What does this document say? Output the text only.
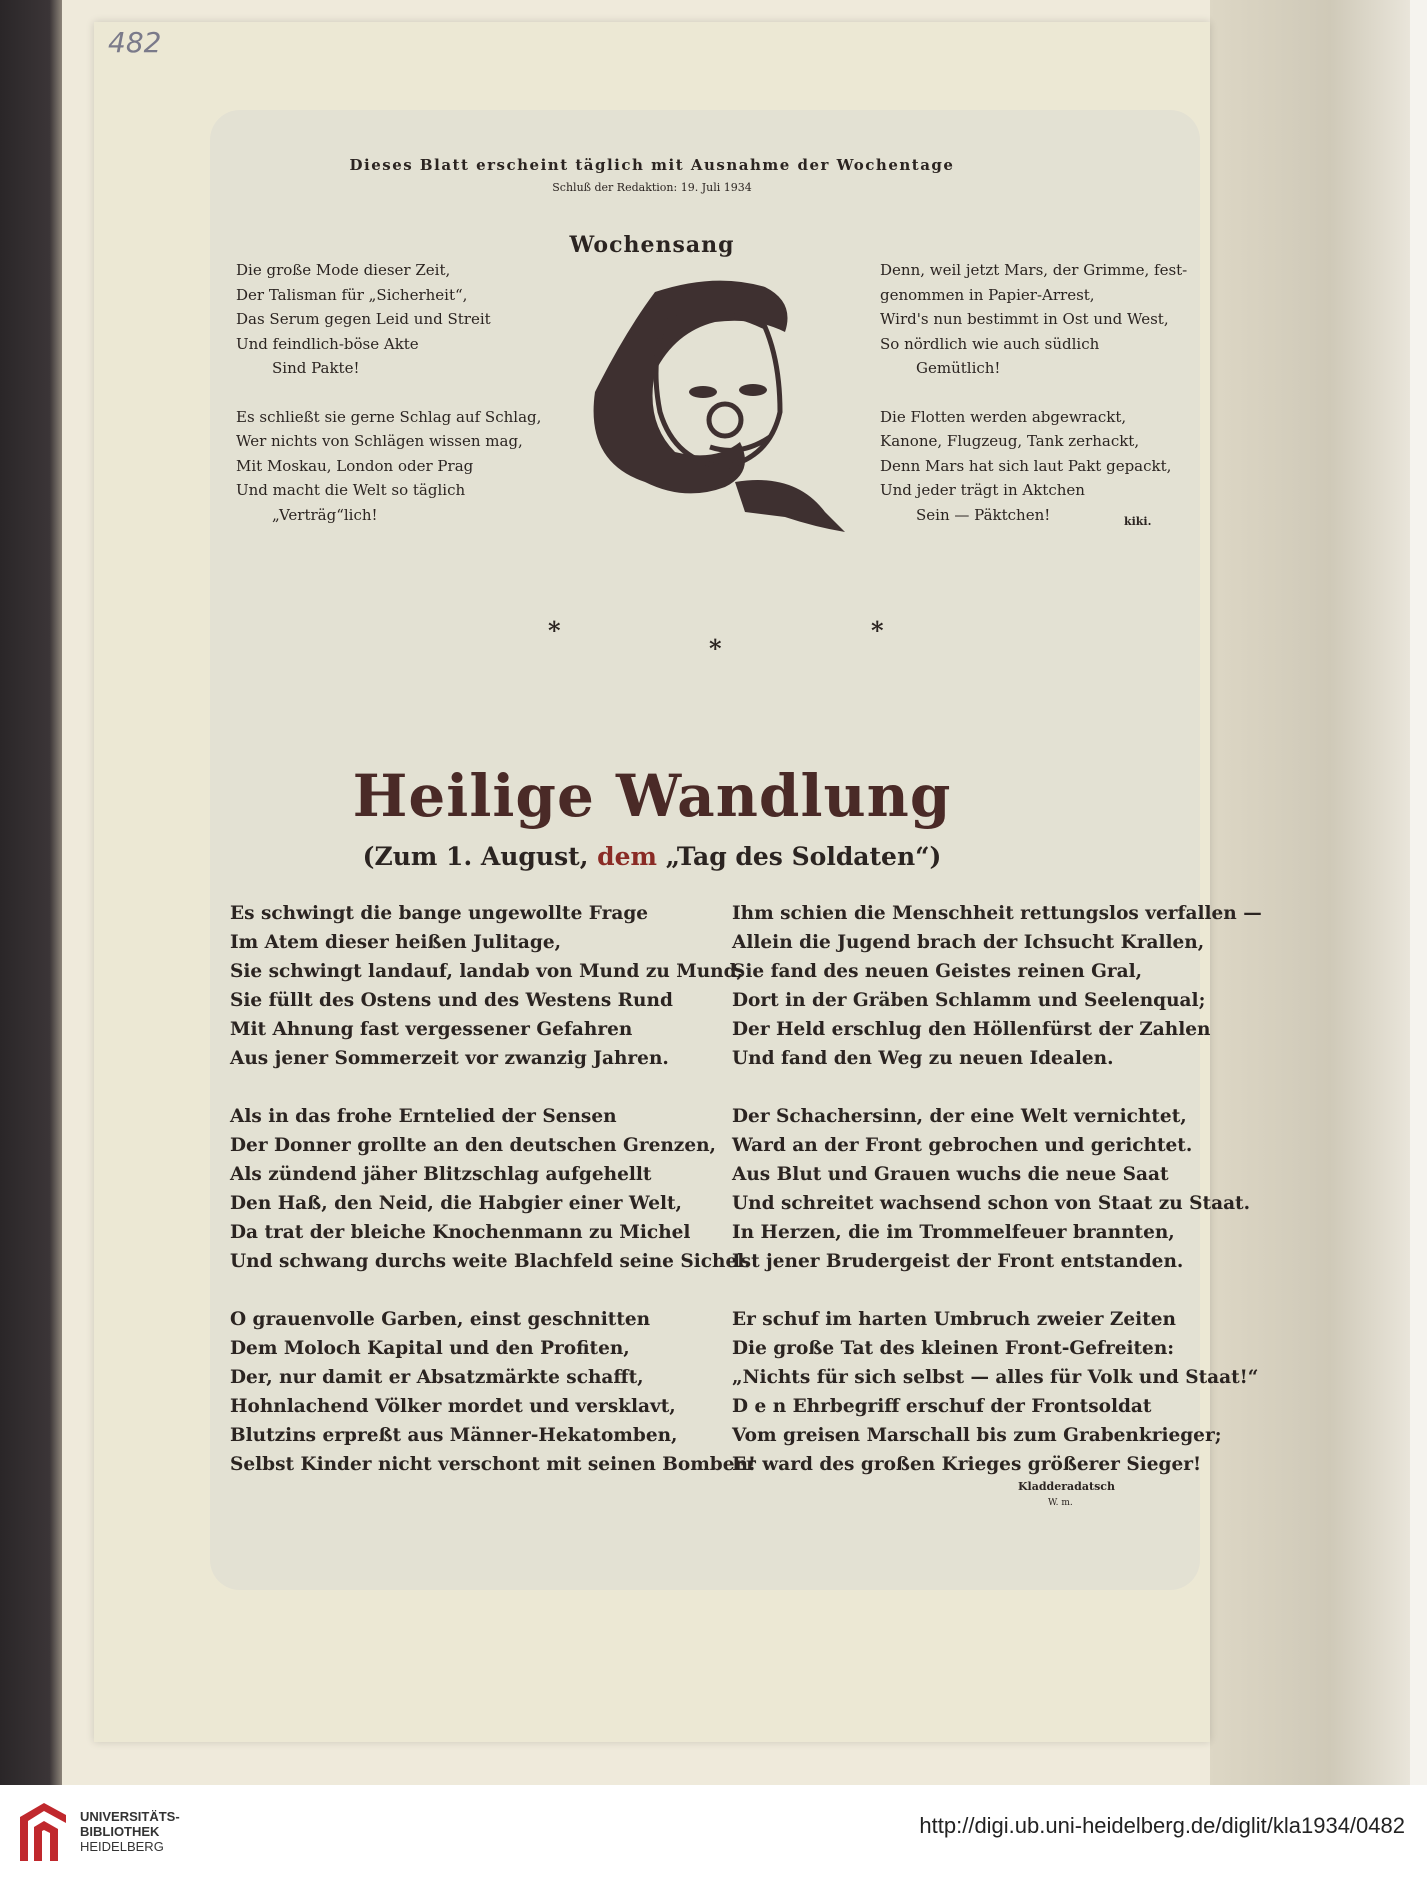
482
Dieses Blatt erscheint täglich mit Ausnahme der Wochentage
Schluß der Redaktion: 19. Juli 1934
Wochensang
Die große Mode dieser Zeit,
Der Talisman für „Sicherheit“,
Das Serum gegen Leid und Streit
Und feindlich-böse Akte
Sind Pakte!
Es schließt sie gerne Schlag auf Schlag,
Wer nichts von Schlägen wissen mag,
Mit Moskau, London oder Prag
Und macht die Welt so täglich
„Verträg“lich!
Denn, weil jetzt Mars, der Grimme, fest-
genommen in Papier-Arrest,
Wird's nun bestimmt in Ost und West,
So nördlich wie auch südlich
Gemütlich!
Die Flotten werden abgewrackt,
Kanone, Flugzeug, Tank zerhackt,
Denn Mars hat sich laut Pakt gepackt,
Und jeder trägt in Aktchen
Sein — Päktchen!	kiki.
*
*
*
Heilige Wandlung
(Zum 1. August, dem „Tag des Soldaten“)
Es schwingt die bange ungewollte Frage
Im Atem dieser heißen Julitage,
Sie schwingt landauf, landab von Mund zu Mund,
Sie füllt des Ostens und des Westens Rund
Mit Ahnung fast vergessener Gefahren
Aus jener Sommerzeit vor zwanzig Jahren.
Als in das frohe Erntelied der Sensen
Der Donner grollte an den deutschen Grenzen,
Als zündend jäher Blitzschlag aufgehellt
Den Haß, den Neid, die Habgier einer Welt,
Da trat der bleiche Knochenmann zu Michel
Und schwang durchs weite Blachfeld seine Sichel.
O grauenvolle Garben, einst geschnitten
Dem Moloch Kapital und den Profiten,
Der, nur damit er Absatzmärkte schafft,
Hohnlachend Völker mordet und versklavt,
Blutzins erpreßt aus Männer-Hekatomben,
Selbst Kinder nicht verschont mit seinen Bomben!
Ihm schien die Menschheit rettungslos verfallen —
Allein die Jugend brach der Ichsucht Krallen,
Sie fand des neuen Geistes reinen Gral,
Dort in der Gräben Schlamm und Seelenqual;
Der Held erschlug den Höllenfürst der Zahlen
Und fand den Weg zu neuen Idealen.
Der Schachersinn, der eine Welt vernichtet,
Ward an der Front gebrochen und gerichtet.
Aus Blut und Grauen wuchs die neue Saat
Und schreitet wachsend schon von Staat zu Staat.
In Herzen, die im Trommelfeuer brannten,
Ist jener Brudergeist der Front entstanden.
Er schuf im harten Umbruch zweier Zeiten
Die große Tat des kleinen Front-Gefreiten:
„Nichts für sich selbst — alles für Volk und Staat!“
D e n Ehrbegriff erschuf der Frontsoldat
Vom greisen Marschall bis zum Grabenkrieger;
Er ward des großen Krieges größerer Sieger!
Kladderadatsch
W. m.
UNIVERSITÄTS-
BIBLIOTHEK
HEIDELBERG
http://digi.ub.uni-heidelberg.de/diglit/kla1934/0482
